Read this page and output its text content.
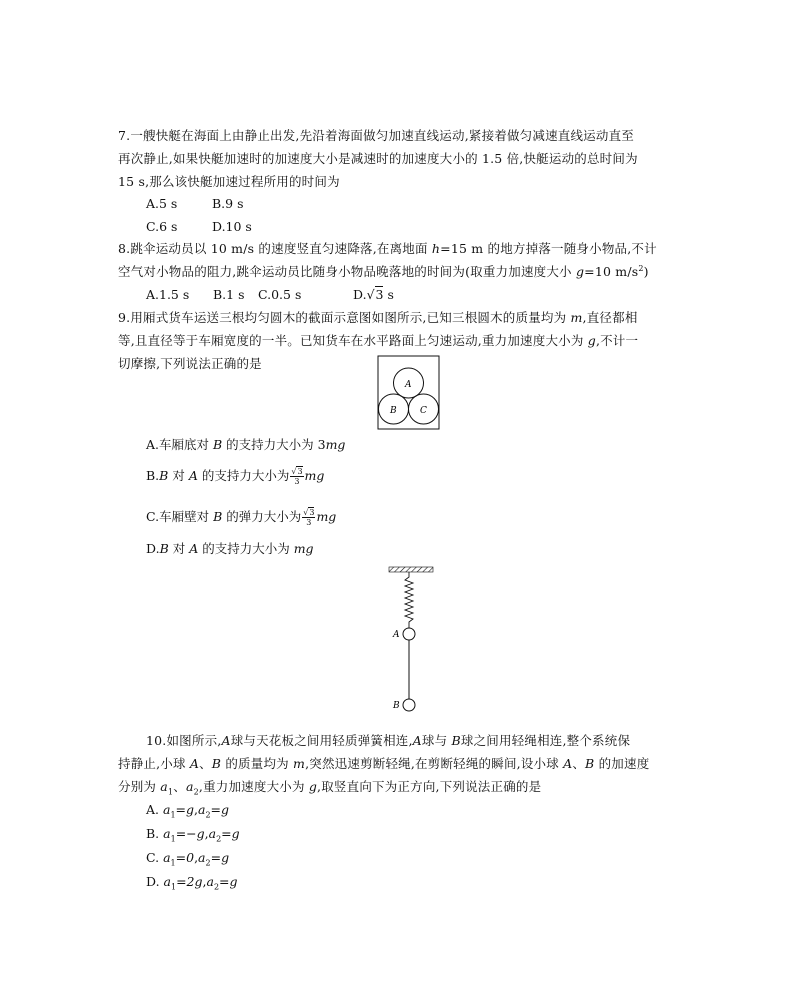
7.一艘快艇在海面上由静止出发,先沿着海面做匀加速直线运动,紧接着做匀减速直线运动直至
再次静止,如果快艇加速时的加速度大小是减速时的加速度大小的 1.5 倍,快艇运动的总时间为
15 s,那么该快艇加速过程所用的时间为
A.5 s	B.9 s
C.6 s	D.10 s
8.跳伞运动员以 10 m/s 的速度竖直匀速降落,在离地面 h=15 m 的地方掉落一随身小物品,不计
空气对小物品的阻力,跳伞运动员比随身小物品晚落地的时间为(取重力加速度大小 g=10 $m/s^2$)
A.1.5 s B.1 s C.0.5 s	D.√3 s
9.用厢式货车运送三根均匀圆木的截面示意图如图所示,已知三根圆木的质量均为 m,直径都相
等,且直径等于车厢宽度的一半。已知货车在水平路面上匀速运动,重力加速度大小为 g,不计一
切摩擦,下列说法正确的是
A
B	C
A.车厢底对 B 的支持力大小为 3mg
B.B 对 A 的支持力大小为 $\frac{√3}{3}$ mg
C.车厢壁对 B 的弹力大小为 $\frac{√3}{3}$ mg
D.B 对 A 的支持力大小为 mg
A
B
10.如图所示,A球与天花板之间用轻质弹簧相连,A球与 B球之间用轻绳相连,整个系统保
持静止,小球 A、B 的质量均为 m,突然迅速剪断轻绳,在剪断轻绳的瞬间,设小球 A、B 的加速度
分别为 $a_1$、$a_2$,重力加速度大小为 g,取竖直向下为正方向,下列说法正确的是
A. $a_1=g,a_2=g$
B. $a_1=-g,a_2=g$
C. $a_1=0,a_2=g$
D. $a_1=2g,a_2=g$
